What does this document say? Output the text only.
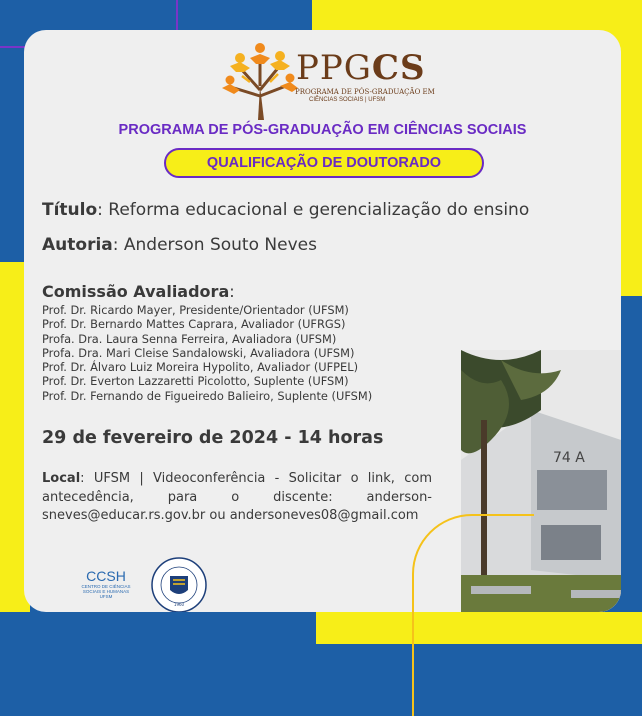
PPGCS
PROGRAMA DE PÓS-GRADUAÇÃO EM
CIÊNCIAS SOCIAIS | UFSM
PROGRAMA DE PÓS-GRADUAÇÃO EM CIÊNCIAS SOCIAIS
QUALIFICAÇÃO DE DOUTORADO
Título: Reforma educacional e gerencialização do ensino
Autoria: Anderson Souto Neves
Comissão Avaliadora:
Prof. Dr. Ricardo Mayer, Presidente/Orientador (UFSM)
Prof. Dr. Bernardo Mattes Caprara, Avaliador (UFRGS)
Profa. Dra. Laura Senna Ferreira, Avaliadora (UFSM)
Profa. Dra. Mari Cleise Sandalowski, Avaliadora (UFSM)
Prof. Dr. Álvaro Luiz Moreira Hypolito, Avaliador (UFPEL)
Prof. Dr. Everton Lazzaretti Picolotto, Suplente (UFSM)
Prof. Dr. Fernando de Figueiredo Balieiro, Suplente (UFSM)
29 de fevereiro de 2024 - 14 horas
Local: UFSM | Videoconferência - Solicitar o link, com antecedência, para o discente: anderson-sneves@educar.rs.gov.br ou andersoneves08@gmail.com
CCSH
CENTRO DE CIÊNCIAS
SOCIAIS E HUMANAS
UFSM
1960
74 A
